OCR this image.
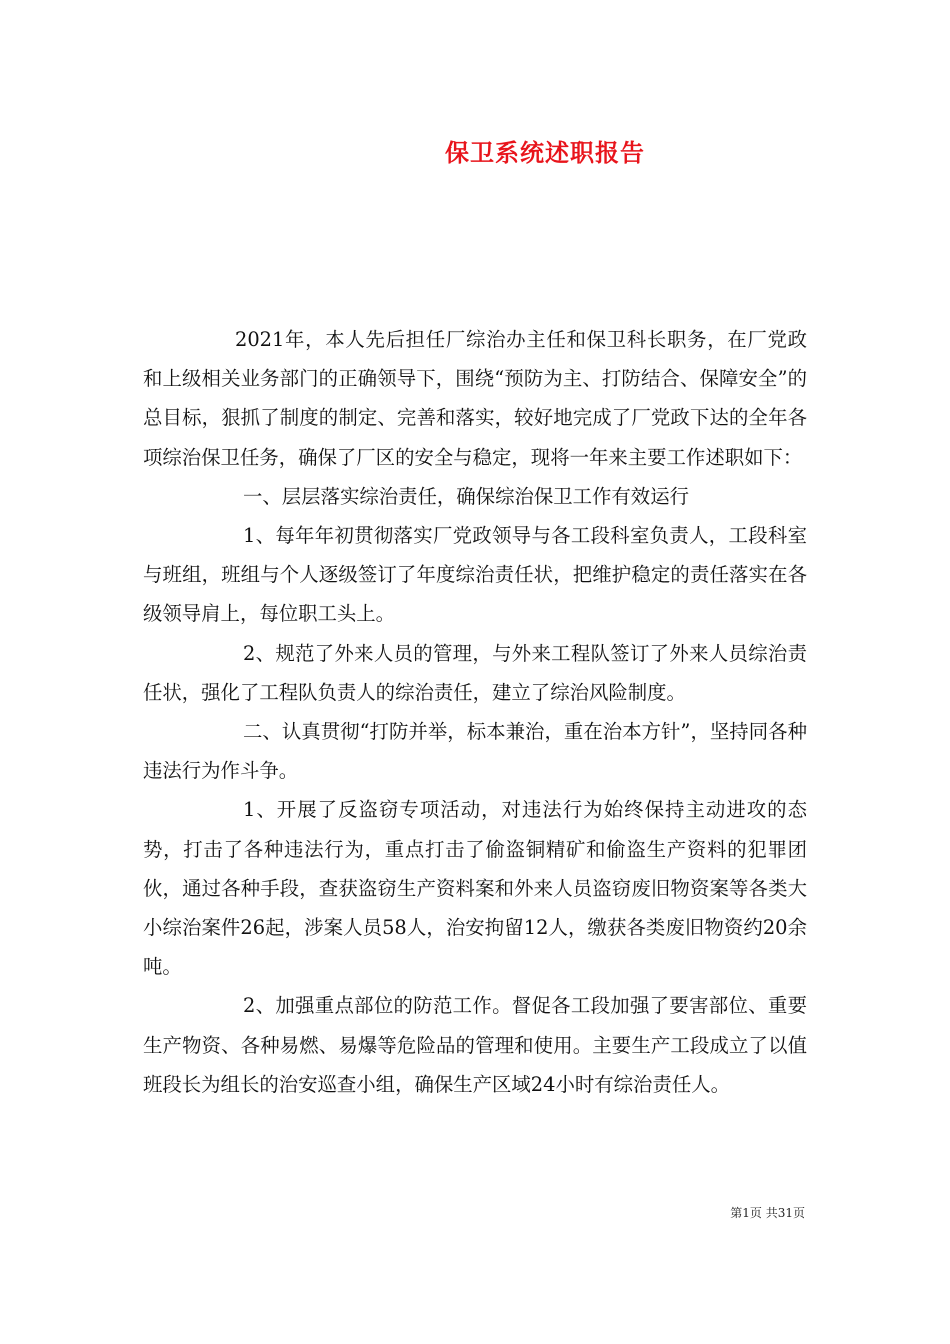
保卫系统述职报告

2021年，本人先后担任厂综治办主任和保卫科长职务，在厂党政和上级相关业务部门的正确领导下，围绕“预防为主、打防结合、保障安全”的总目标，狠抓了制度的制定、完善和落实，较好地完成了厂党政下达的全年各项综治保卫任务，确保了厂区的安全与稳定，现将一年来主要工作述职如下：

一、层层落实综治责任，确保综治保卫工作有效运行

1、每年年初贯彻落实厂党政领导与各工段科室负责人，工段科室与班组，班组与个人逐级签订了年度综治责任状，把维护稳定的责任落实在各级领导肩上，每位职工头上。

2、规范了外来人员的管理，与外来工程队签订了外来人员综治责任状，强化了工程队负责人的综治责任，建立了综治风险制度。

二、认真贯彻“打防并举，标本兼治，重在治本方针”，坚持同各种违法行为作斗争。

1、开展了反盗窃专项活动，对违法行为始终保持主动进攻的态势，打击了各种违法行为，重点打击了偷盗铜精矿和偷盗生产资料的犯罪团伙，通过各种手段，查获盗窃生产资料案和外来人员盗窃废旧物资案等各类大小综治案件26起，涉案人员58人，治安拘留12人，缴获各类废旧物资约20余吨。

2、加强重点部位的防范工作。督促各工段加强了要害部位、重要生产物资、各种易燃、易爆等危险品的管理和使用。主要生产工段成立了以值班段长为组长的治安巡查小组，确保生产区域24小时有综治责任人。

第1页 共31页
